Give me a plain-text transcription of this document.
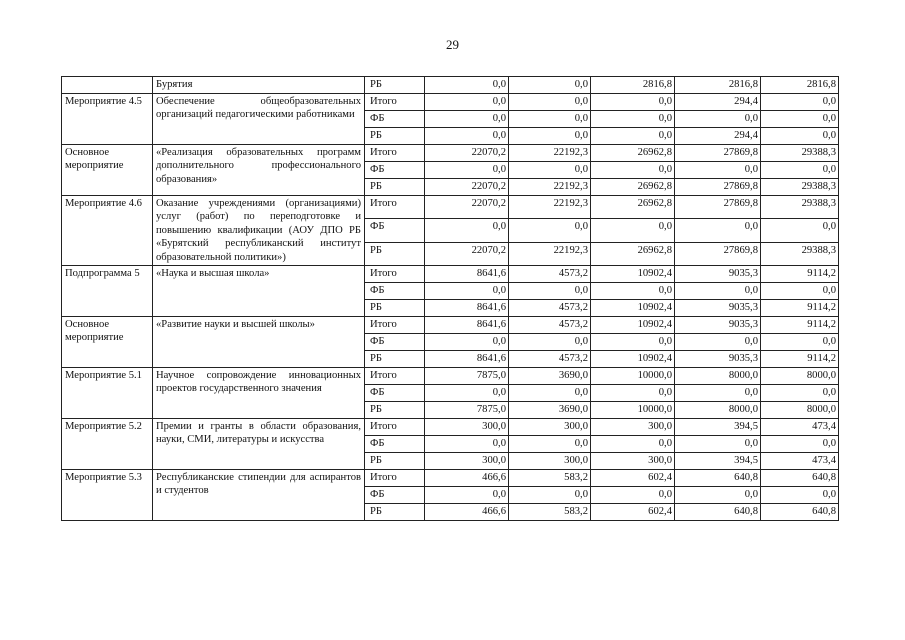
29
	Бурятия	РБ	0,0	0,0	2816,8	2816,8	2816,8
Мероприятие 4.5	Обеспечение общеобразовательных организаций педагогическими работниками	Итого	0,0	0,0	0,0	294,4	0,0
		ФБ	0,0	0,0	0,0	0,0	0,0
		РБ	0,0	0,0	0,0	294,4	0,0
Основное мероприятие	«Реализация образовательных программ дополнительного профессионального образования»	Итого	22070,2	22192,3	26962,8	27869,8	29388,3
		ФБ	0,0	0,0	0,0	0,0	0,0
		РБ	22070,2	22192,3	26962,8	27869,8	29388,3
Мероприятие 4.6	Оказание учреждениями (организациями) услуг (работ) по переподготовке и повышению квалификации (АОУ ДПО РБ «Бурятский республиканский институт образовательной политики»)	Итого	22070,2	22192,3	26962,8	27869,8	29388,3
		ФБ	0,0	0,0	0,0	0,0	0,0
		РБ	22070,2	22192,3	26962,8	27869,8	29388,3
Подпрограмма 5	«Наука и высшая школа»	Итого	8641,6	4573,2	10902,4	9035,3	9114,2
		ФБ	0,0	0,0	0,0	0,0	0,0
		РБ	8641,6	4573,2	10902,4	9035,3	9114,2
Основное мероприятие	«Развитие науки и высшей школы»	Итого	8641,6	4573,2	10902,4	9035,3	9114,2
		ФБ	0,0	0,0	0,0	0,0	0,0
		РБ	8641,6	4573,2	10902,4	9035,3	9114,2
Мероприятие 5.1	Научное сопровождение инновационных проектов государственного значения	Итого	7875,0	3690,0	10000,0	8000,0	8000,0
		ФБ	0,0	0,0	0,0	0,0	0,0
		РБ	7875,0	3690,0	10000,0	8000,0	8000,0
Мероприятие 5.2	Премии и гранты в области образования, науки, СМИ, литературы и искусства	Итого	300,0	300,0	300,0	394,5	473,4
		ФБ	0,0	0,0	0,0	0,0	0,0
		РБ	300,0	300,0	300,0	394,5	473,4
Мероприятие 5.3	Республиканские стипендии для аспирантов и студентов	Итого	466,6	583,2	602,4	640,8	640,8
		ФБ	0,0	0,0	0,0	0,0	0,0
		РБ	466,6	583,2	602,4	640,8	640,8
